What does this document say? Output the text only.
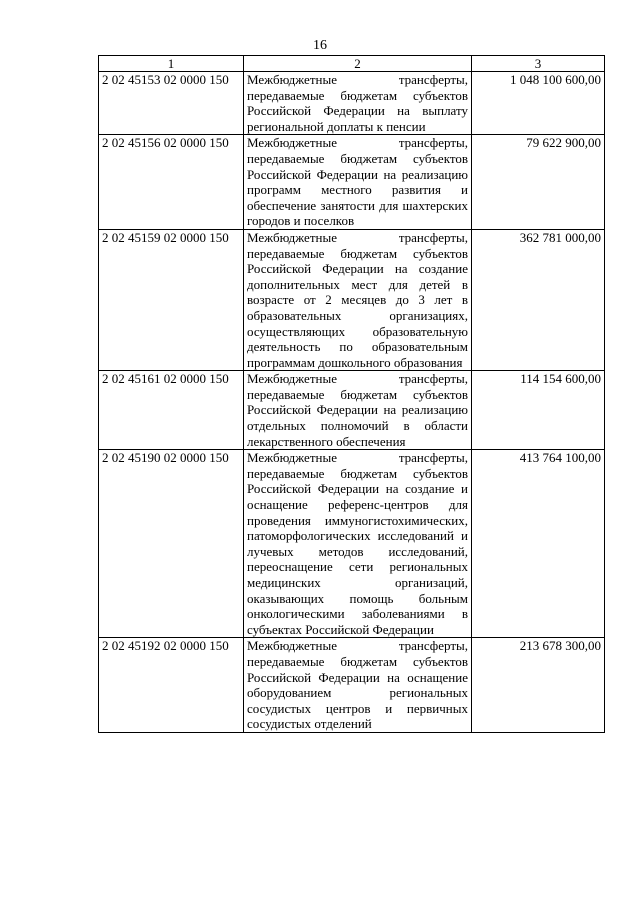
16
1	2	3
2 02 45153 02 0000 150	Межбюджетные трансферты, передаваемые бюджетам субъектов Российской Федерации на выплату региональной доплаты к пенсии	1 048 100 600,00
2 02 45156 02 0000 150	Межбюджетные трансферты, передаваемые бюджетам субъектов Российской Федерации на реализацию программ местного развития и обеспечение занятости для шахтерских городов и поселков	79 622 900,00
2 02 45159 02 0000 150	Межбюджетные трансферты, передаваемые бюджетам субъектов Российской Федерации на создание дополнительных мест для детей в возрасте от 2 месяцев до 3 лет в образовательных организациях, осуществляющих образовательную деятельность по образовательным программам дошкольного образования	362 781 000,00
2 02 45161 02 0000 150	Межбюджетные трансферты, передаваемые бюджетам субъектов Российской Федерации на реализацию отдельных полномочий в области лекарственного обеспечения	114 154 600,00
2 02 45190 02 0000 150	Межбюджетные трансферты, передаваемые бюджетам субъектов Российской Федерации на создание и оснащение референс-центров для проведения иммуногистохимических, патоморфологических исследований и лучевых методов исследований, переоснащение сети региональных медицинских организаций, оказывающих помощь больным онкологическими заболеваниями в субъектах Российской Федерации	413 764 100,00
2 02 45192 02 0000 150	Межбюджетные трансферты, передаваемые бюджетам субъектов Российской Федерации на оснащение оборудованием региональных сосудистых центров и первичных сосудистых отделений	213 678 300,00
